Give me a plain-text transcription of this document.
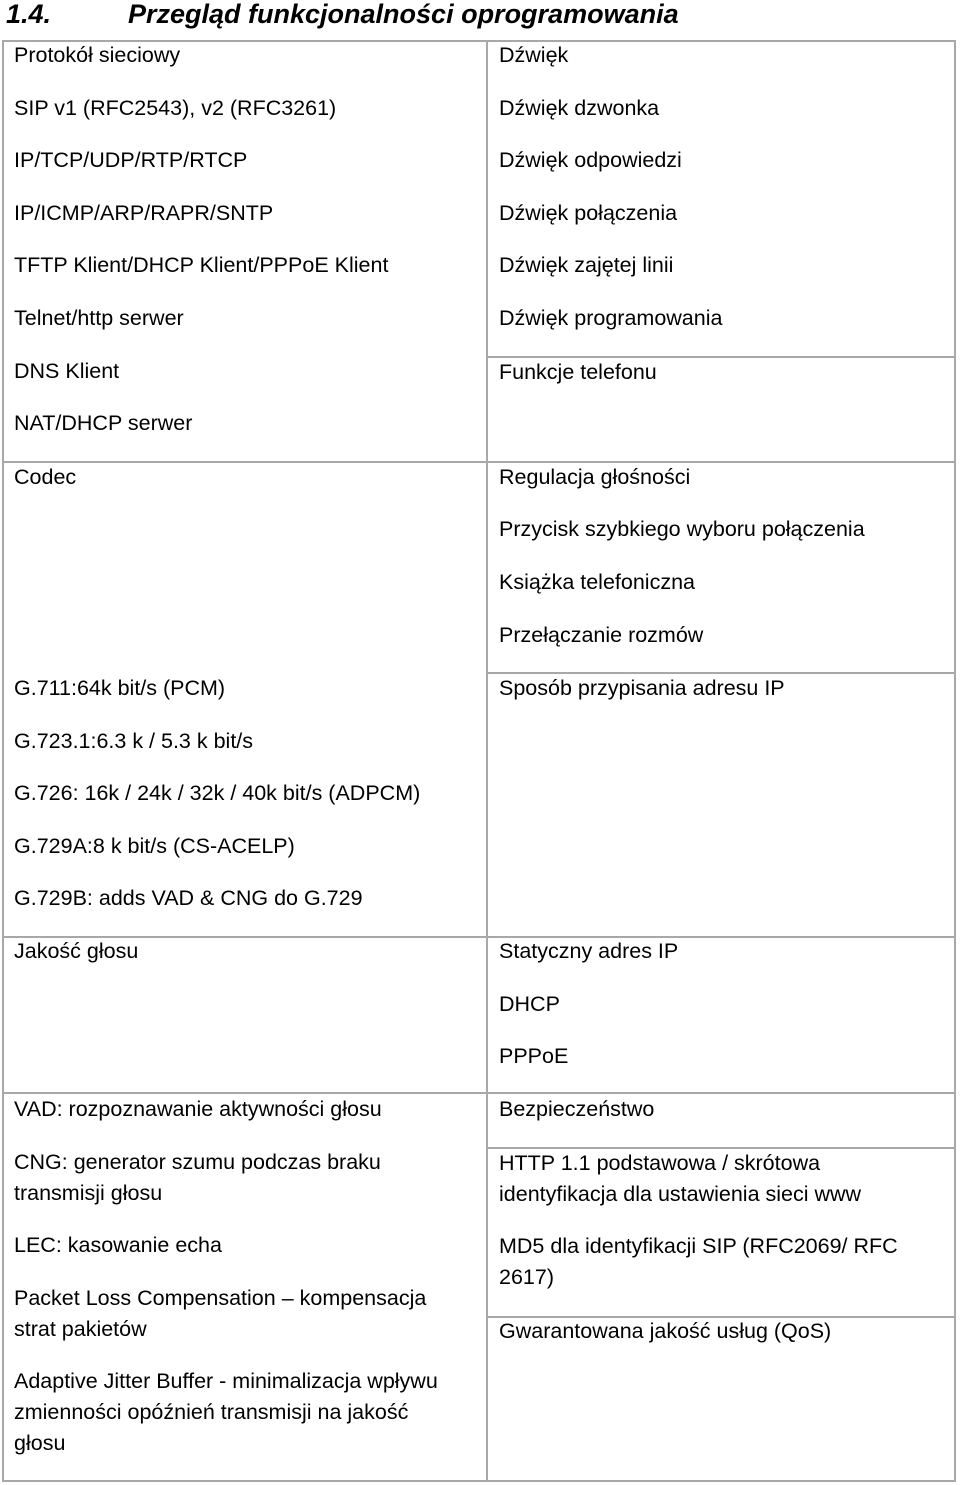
1.4.	Przegląd funkcjonalności oprogramowania
Protokół sieciowy
SIP v1 (RFC2543), v2 (RFC3261)
IP/TCP/UDP/RTP/RTCP
IP/ICMP/ARP/RAPR/SNTP
TFTP Klient/DHCP Klient/PPPoE Klient
Telnet/http serwer
DNS Klient
NAT/DHCP serwer
Codec
G.711:64k bit/s (PCM)
G.723.1:6.3 k / 5.3 k bit/s
G.726: 16k / 24k / 32k / 40k bit/s (ADPCM)
G.729A:8 k bit/s (CS-ACELP)
G.729B: adds VAD & CNG do G.729
Jakość głosu
VAD: rozpoznawanie aktywności głosu
CNG: generator szumu podczas braku transmisji głosu
LEC: kasowanie echa
Packet Loss Compensation – kompensacja strat pakietów
Adaptive Jitter Buffer - minimalizacja wpływu zmienności opóźnień transmisji na jakość głosu
Dźwięk
Dźwięk dzwonka
Dźwięk odpowiedzi
Dźwięk połączenia
Dźwięk zajętej linii
Dźwięk programowania
Funkcje telefonu
Regulacja głośności
Przycisk szybkiego wyboru połączenia
Książka telefoniczna
Przełączanie rozmów
Sposób przypisania adresu IP
Statyczny adres IP
DHCP
PPPoE
Bezpieczeństwo
HTTP 1.1 podstawowa / skrótowa identyfikacja dla ustawienia sieci www
MD5 dla identyfikacji SIP (RFC2069/ RFC 2617)
Gwarantowana jakość usług (QoS)
